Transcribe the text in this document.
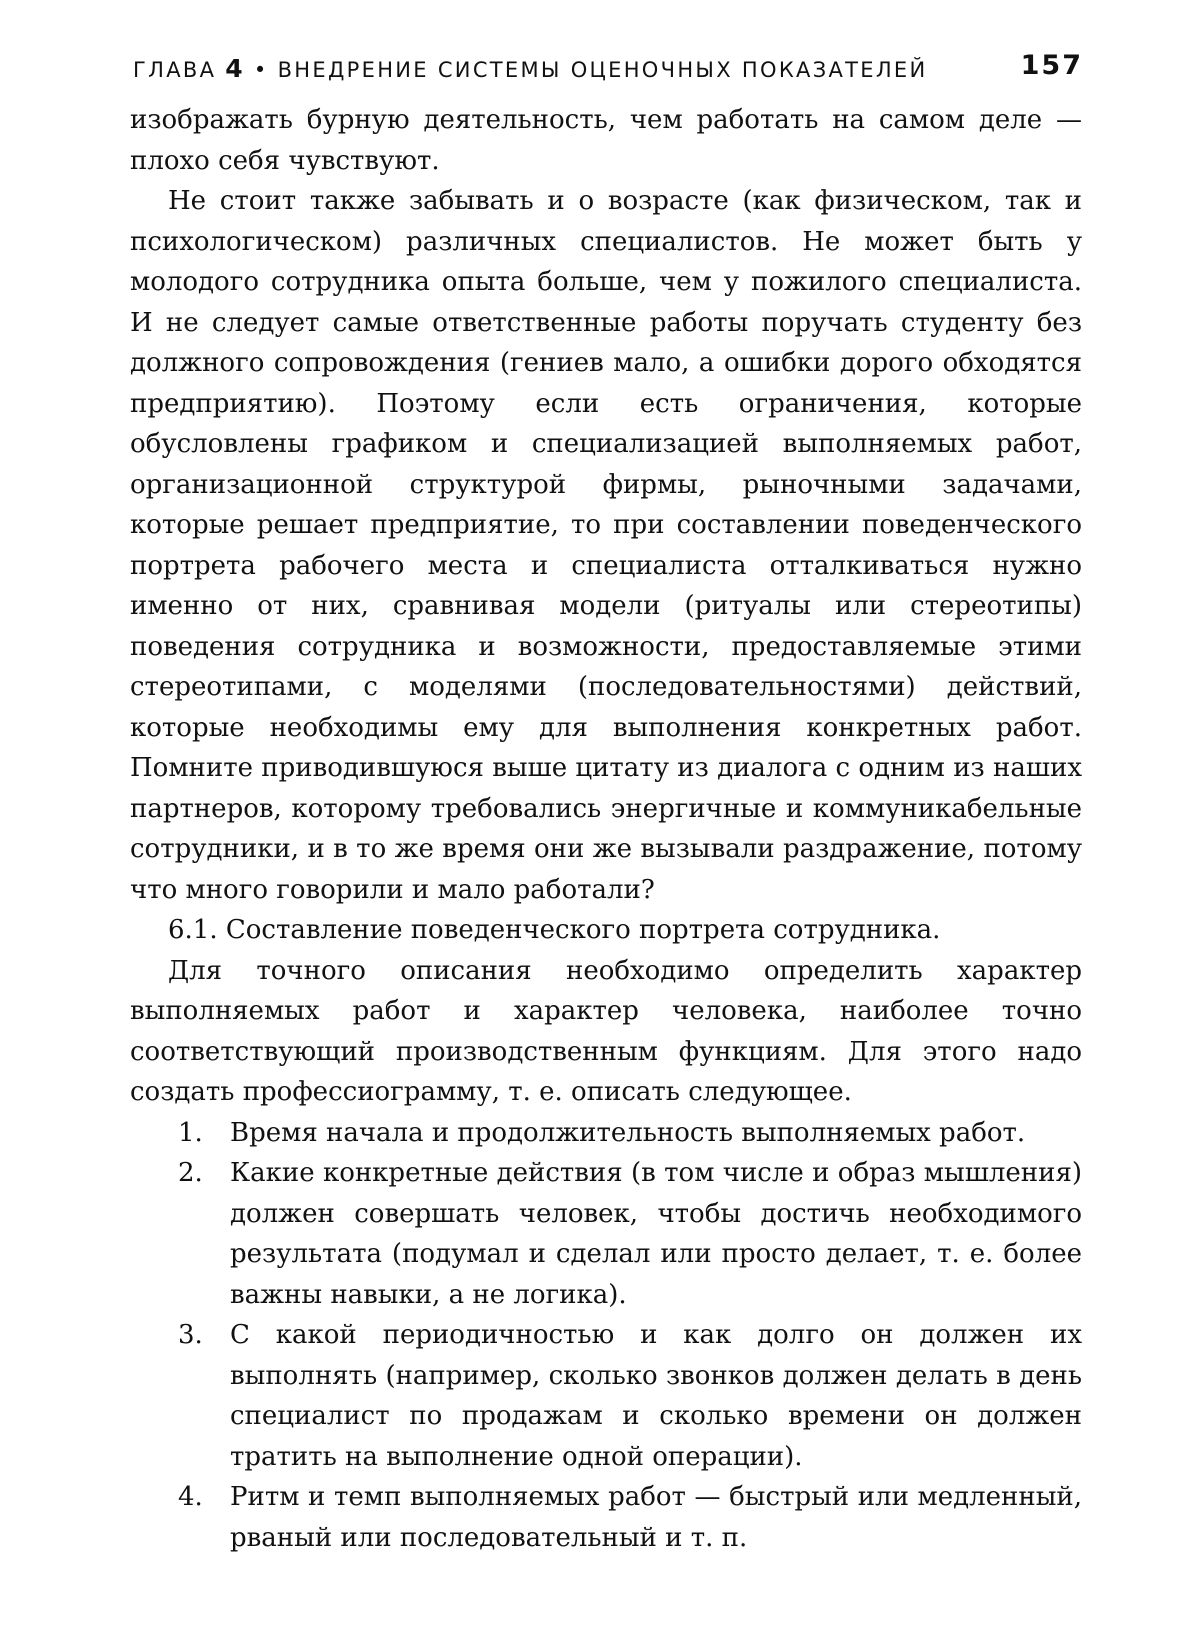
ГЛАВА 4 • ВНЕДРЕНИЕ СИСТЕМЫ ОЦЕНОЧНЫХ ПОКАЗАТЕЛЕЙ	157

изображать бурную деятельность, чем работать на самом деле — плохо себя чувствуют.

Не стоит также забывать и о возрасте (как физическом, так и психологическом) различных специалистов. Не может быть у молодого сотрудника опыта больше, чем у пожилого специалиста. И не следует самые ответственные работы поручать студенту без должного сопровождения (гениев мало, а ошибки дорого обходятся предприятию). Поэтому если есть ограничения, которые обусловлены графиком и специализацией выполняемых работ, организационной структурой фирмы, рыночными задачами, которые решает предприятие, то при составлении поведенческого портрета рабочего места и специалиста отталкиваться нужно именно от них, сравнивая модели (ритуалы или стереотипы) поведения сотрудника и возможности, предоставляемые этими стереотипами, с моделями (последовательностями) действий, которые необходимы ему для выполнения конкретных работ. Помните приводившуюся выше цитату из диалога с одним из наших партнеров, которому требовались энергичные и коммуникабельные сотрудники, и в то же время они же вызывали раздражение, потому что много говорили и мало работали?

6.1. Составление поведенческого портрета сотрудника.

Для точного описания необходимо определить характер выполняемых работ и характер человека, наиболее точно соответствующий производственным функциям. Для этого надо создать профессиограмму, т. е. описать следующее.

1. Время начала и продолжительность выполняемых работ.
2. Какие конкретные действия (в том числе и образ мышления) должен совершать человек, чтобы достичь необходимого результата (подумал и сделал или просто делает, т. е. более важны навыки, а не логика).
3. С какой периодичностью и как долго он должен их выполнять (например, сколько звонков должен делать в день специалист по продажам и сколько времени он должен тратить на выполнение одной операции).
4. Ритм и темп выполняемых работ — быстрый или медленный, рваный или последовательный и т. п.
